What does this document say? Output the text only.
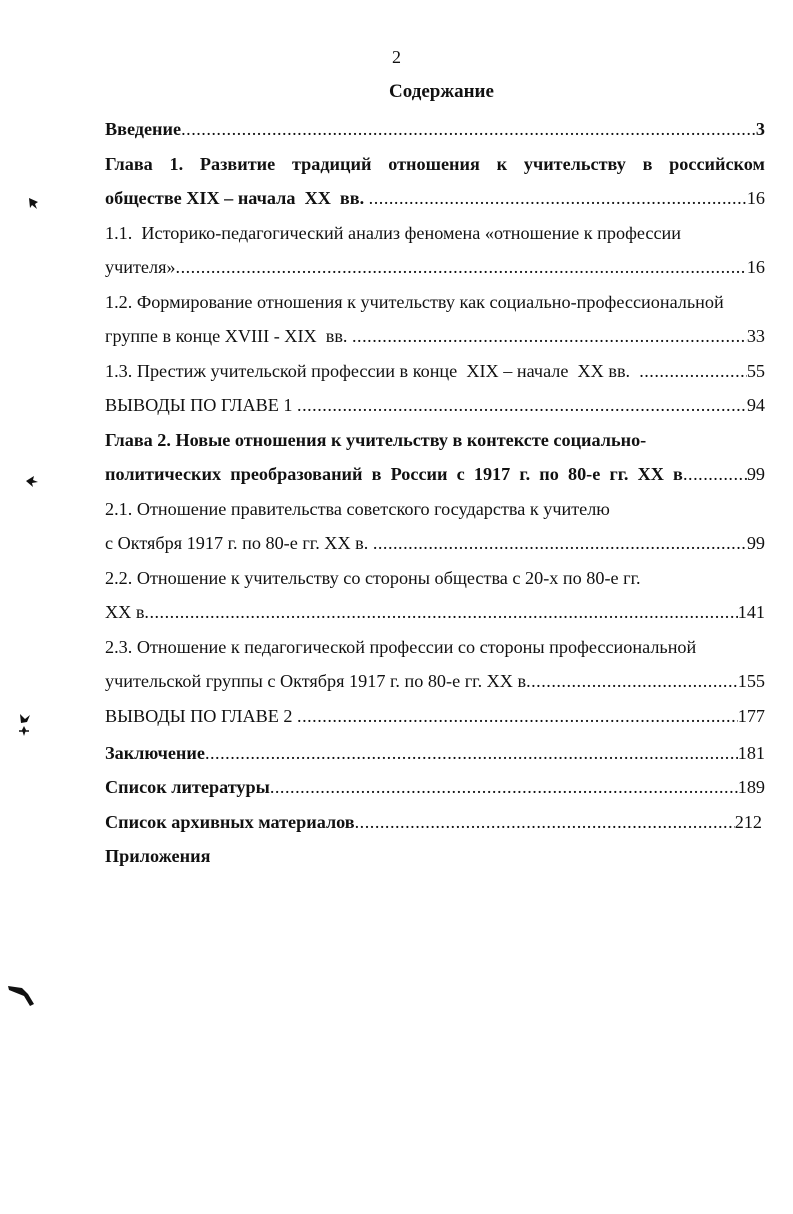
2
Содержание
Введение .....	3
Глава 1. Развитие традиций отношения к учительству в российском
обществе XIX – начала  XX  вв. .....	16
1.1.  Историко-педагогический анализ феномена «отношение к профессии
учителя» .....	16
1.2. Формирование отношения к учительству как социально-профессиональной
группе в конце XVIII - XIX  вв. .....	33
1.3. Престиж учительской профессии в конце  XIX – начале  XX вв. .....	55
ВЫВОДЫ ПО ГЛАВЕ 1 .....	94
Глава 2. Новые отношения к учительству в контексте социально-
политических преобразований в России с 1917 г. по 80-е гг. XX в .....	99
2.1. Отношение правительства советского государства к учителю
с Октября 1917 г. по 80-е гг. XX в. .....	99
2.2. Отношение к учительству со стороны общества с 20-х по 80-е гг.
XX в .....	141
2.3. Отношение к педагогической профессии со стороны профессиональной
учительской группы с Октября 1917 г. по 80-е гг. XX в .....	155
ВЫВОДЫ ПО ГЛАВЕ 2 .....	177
Заключение .....	181
Список литературы .....	189
Список архивных материалов .....	212
Приложения
